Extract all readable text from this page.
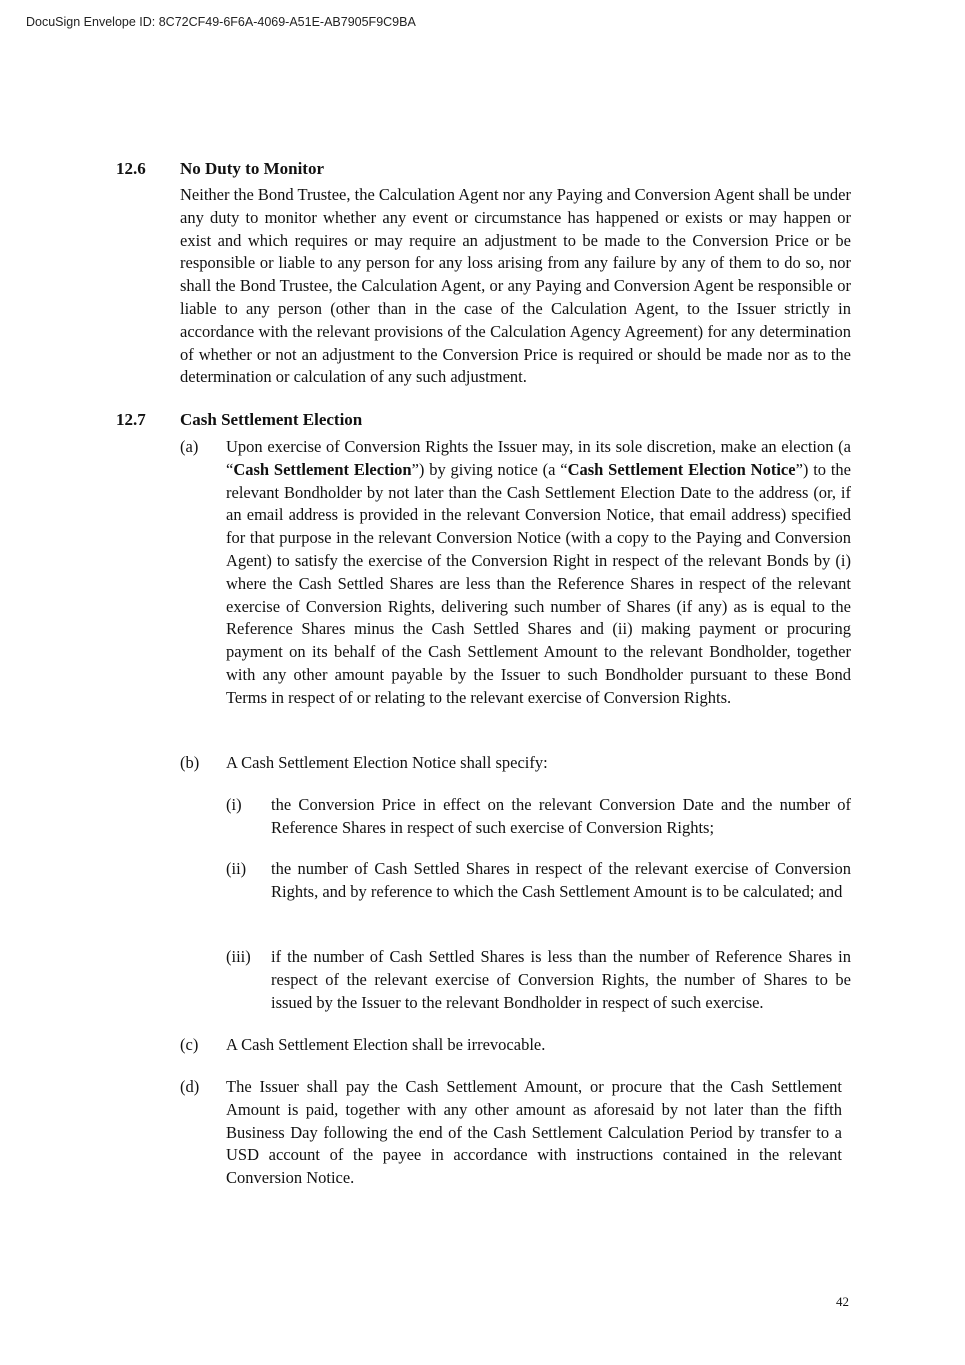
DocuSign Envelope ID: 8C72CF49-6F6A-4069-A51E-AB7905F9C9BA
12.6 No Duty to Monitor

Neither the Bond Trustee, the Calculation Agent nor any Paying and Conversion Agent shall be under any duty to monitor whether any event or circumstance has happened or exists or may happen or exist and which requires or may require an adjustment to be made to the Conversion Price or be responsible or liable to any person for any loss arising from any failure by any of them to do so, nor shall the Bond Trustee, the Calculation Agent, or any Paying and Conversion Agent be responsible or liable to any person (other than in the case of the Calculation Agent, to the Issuer strictly in accordance with the relevant provisions of the Calculation Agency Agreement) for any determination of whether or not an adjustment to the Conversion Price is required or should be made nor as to the determination or calculation of any such adjustment.

12.7 Cash Settlement Election
(a) Upon exercise of Conversion Rights the Issuer may, in its sole discretion, make an election (a “Cash Settlement Election”) by giving notice (a “Cash Settlement Election Notice”) to the relevant Bondholder by not later than the Cash Settlement Election Date to the address (or, if an email address is provided in the relevant Conversion Notice, that email address) specified for that purpose in the relevant Conversion Notice (with a copy to the Paying and Conversion Agent) to satisfy the exercise of the Conversion Right in respect of the relevant Bonds by (i) where the Cash Settled Shares are less than the Reference Shares in respect of the relevant exercise of Conversion Rights, delivering such number of Shares (if any) as is equal to the Reference Shares minus the Cash Settled Shares and (ii) making payment or procuring payment on its behalf of the Cash Settlement Amount to the relevant Bondholder, together with any other amount payable by the Issuer to such Bondholder pursuant to these Bond Terms in respect of or relating to the relevant exercise of Conversion Rights.

(b) A Cash Settlement Election Notice shall specify:

(i) the Conversion Price in effect on the relevant Conversion Date and the number of Reference Shares in respect of such exercise of Conversion Rights;

(ii) the number of Cash Settled Shares in respect of the relevant exercise of Conversion Rights, and by reference to which the Cash Settlement Amount is to be calculated; and

(iii) if the number of Cash Settled Shares is less than the number of Reference Shares in respect of the relevant exercise of Conversion Rights, the number of Shares to be issued by the Issuer to the relevant Bondholder in respect of such exercise.

(c) A Cash Settlement Election shall be irrevocable.

(d) The Issuer shall pay the Cash Settlement Amount, or procure that the Cash Settlement Amount is paid, together with any other amount as aforesaid by not later than the fifth Business Day following the end of the Cash Settlement Calculation Period by transfer to a USD account of the payee in accordance with instructions contained in the relevant Conversion Notice.

42
